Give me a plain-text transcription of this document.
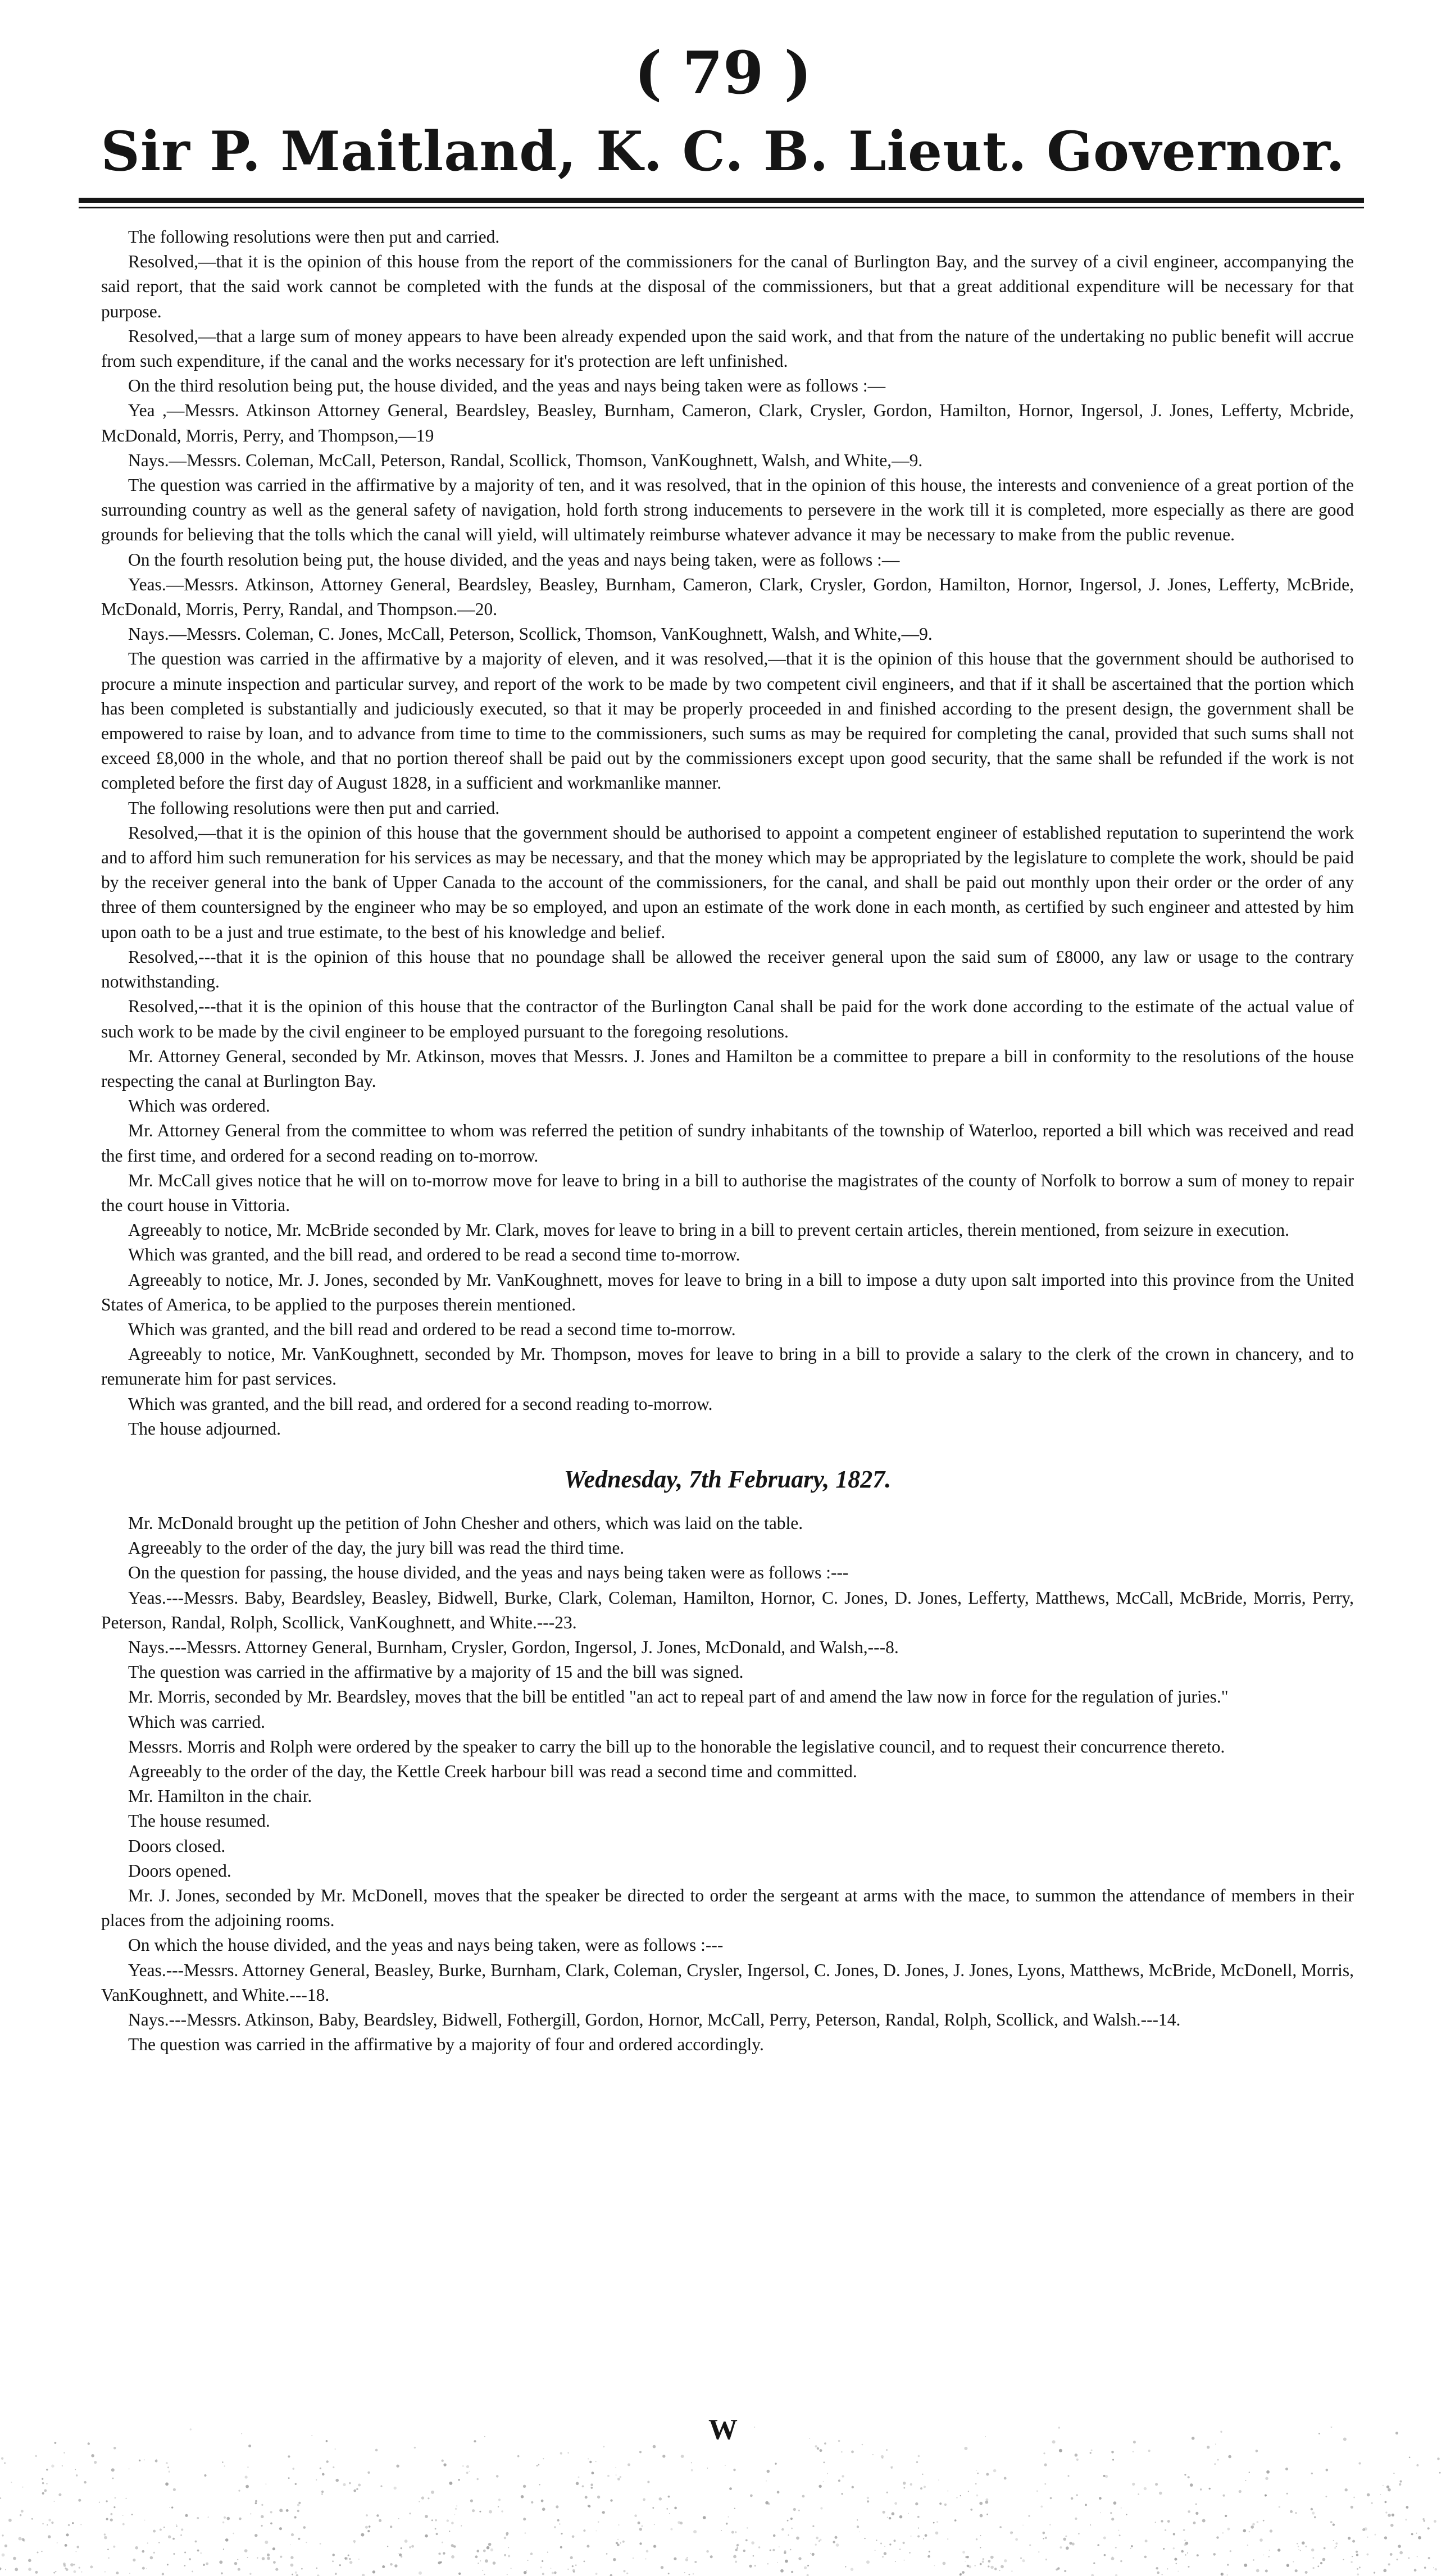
( 79 )
Sir P. Maitland, K. C. B. Lieut. Governor.

The following resolutions were then put and carried.

Resolved,—that it is the opinion of this house from the report of the commissioners for the canal of Burlington Bay, and the survey of a civil engineer, accompanying the said report, that the said work cannot be completed with the funds at the disposal of the commissioners, but that a great additional expenditure will be necessary for that purpose.

Resolved,—that a large sum of money appears to have been already expended upon the said work, and that from the nature of the undertaking no public benefit will accrue from such expenditure, if the canal and the works necessary for it's protection are left unfinished.

On the third resolution being put, the house divided, and the yeas and nays being taken were as follows :—

Yea ,—Messrs. Atkinson Attorney General, Beardsley, Beasley, Burnham, Cameron, Clark, Crysler, Gordon, Hamilton, Hornor, Ingersol, J. Jones, Lefferty, Mcbride, McDonald, Morris, Perry, and Thompson,—19

Nays.—Messrs. Coleman, McCall, Peterson, Randal, Scollick, Thomson, VanKoughnett, Walsh, and White,—9.

The question was carried in the affirmative by a majority of ten, and it was resolved, that in the opinion of this house, the interests and convenience of a great portion of the surrounding country as well as the general safety of navigation, hold forth strong inducements to persevere in the work till it is completed, more especially as there are good grounds for believing that the tolls which the canal will yield, will ultimately reimburse whatever advance it may be necessary to make from the public revenue.

On the fourth resolution being put, the house divided, and the yeas and nays being taken, were as follows :—

Yeas.—Messrs. Atkinson, Attorney General, Beardsley, Beasley, Burnham, Cameron, Clark, Crysler, Gordon, Hamilton, Hornor, Ingersol, J. Jones, Lefferty, McBride, McDonald, Morris, Perry, Randal, and Thompson.—20.

Nays.—Messrs. Coleman, C. Jones, McCall, Peterson, Scollick, Thomson, VanKoughnett, Walsh, and White,—9.

The question was carried in the affirmative by a majority of eleven, and it was resolved,—that it is the opinion of this house that the government should be authorised to procure a minute inspection and particular survey, and report of the work to be made by two competent civil engineers, and that if it shall be ascertained that the portion which has been completed is substantially and judiciously executed, so that it may be properly proceeded in and finished according to the present design, the government shall be empowered to raise by loan, and to advance from time to time to the commissioners, such sums as may be required for completing the canal, provided that such sums shall not exceed £8,000 in the whole, and that no portion thereof shall be paid out by the commissioners except upon good security, that the same shall be refunded if the work is not completed before the first day of August 1828, in a sufficient and workmanlike manner.

The following resolutions were then put and carried.

Resolved,—that it is the opinion of this house that the government should be authorised to appoint a competent engineer of established reputation to superintend the work and to afford him such remuneration for his services as may be necessary, and that the money which may be appropriated by the legislature to complete the work, should be paid by the receiver general into the bank of Upper Canada to the account of the commissioners, for the canal, and shall be paid out monthly upon their order or the order of any three of them countersigned by the engineer who may be so employed, and upon an estimate of the work done in each month, as certified by such engineer and attested by him upon oath to be a just and true estimate, to the best of his knowledge and belief.

Resolved,---that it is the opinion of this house that no poundage shall be allowed the receiver general upon the said sum of £8000, any law or usage to the contrary notwithstanding.

Resolved,---that it is the opinion of this house that the contractor of the Burlington Canal shall be paid for the work done according to the estimate of the actual value of such work to be made by the civil engineer to be employed pursuant to the foregoing resolutions.

Mr. Attorney General, seconded by Mr. Atkinson, moves that Messrs. J. Jones and Hamilton be a committee to prepare a bill in conformity to the resolutions of the house respecting the canal at Burlington Bay.

Which was ordered.

Mr. Attorney General from the committee to whom was referred the petition of sundry inhabitants of the township of Waterloo, reported a bill which was received and read the first time, and ordered for a second reading on to-morrow.

Mr. McCall gives notice that he will on to-morrow move for leave to bring in a bill to authorise the magistrates of the county of Norfolk to borrow a sum of money to repair the court house in Vittoria.

Agreeably to notice, Mr. McBride seconded by Mr. Clark, moves for leave to bring in a bill to prevent certain articles, therein mentioned, from seizure in execution.

Which was granted, and the bill read, and ordered to be read a second time to-morrow.

Agreeably to notice, Mr. J. Jones, seconded by Mr. VanKoughnett, moves for leave to bring in a bill to impose a duty upon salt imported into this province from the United States of America, to be applied to the purposes therein mentioned.

Which was granted, and the bill read and ordered to be read a second time to-morrow.

Agreeably to notice, Mr. VanKoughnett, seconded by Mr. Thompson, moves for leave to bring in a bill to provide a salary to the clerk of the crown in chancery, and to remunerate him for past services.

Which was granted, and the bill read, and ordered for a second reading to-morrow.

The house adjourned.

Wednesday, 7th February, 1827.

Mr. McDonald brought up the petition of John Chesher and others, which was laid on the table.

Agreeably to the order of the day, the jury bill was read the third time.

On the question for passing, the house divided, and the yeas and nays being taken were as follows :---

Yeas.---Messrs. Baby, Beardsley, Beasley, Bidwell, Burke, Clark, Coleman, Hamilton, Hornor, C. Jones, D. Jones, Lefferty, Matthews, McCall, McBride, Morris, Perry, Peterson, Randal, Rolph, Scollick, VanKoughnett, and White.---23.

Nays.---Messrs. Attorney General, Burnham, Crysler, Gordon, Ingersol, J. Jones, McDonald, and Walsh,---8.

The question was carried in the affirmative by a majority of 15 and the bill was signed.

Mr. Morris, seconded by Mr. Beardsley, moves that the bill be entitled "an act to repeal part of and amend the law now in force for the regulation of juries."

Which was carried.

Messrs. Morris and Rolph were ordered by the speaker to carry the bill up to the honorable the legislative council, and to request their concurrence thereto.

Agreeably to the order of the day, the Kettle Creek harbour bill was read a second time and committed.

Mr. Hamilton in the chair.

The house resumed.

Doors closed.

Doors opened.

Mr. J. Jones, seconded by Mr. McDonell, moves that the speaker be directed to order the sergeant at arms with the mace, to summon the attendance of members in their places from the adjoining rooms.

On which the house divided, and the yeas and nays being taken, were as follows :---

Yeas.---Messrs. Attorney General, Beasley, Burke, Burnham, Clark, Coleman, Crysler, Ingersol, C. Jones, D. Jones, J. Jones, Lyons, Matthews, McBride, McDonell, Morris, VanKoughnett, and White.---18.

Nays.---Messrs. Atkinson, Baby, Beardsley, Bidwell, Fothergill, Gordon, Hornor, McCall, Perry, Peterson, Randal, Rolph, Scollick, and Walsh.---14.

The question was carried in the affirmative by a majority of four and ordered accordingly.

W
